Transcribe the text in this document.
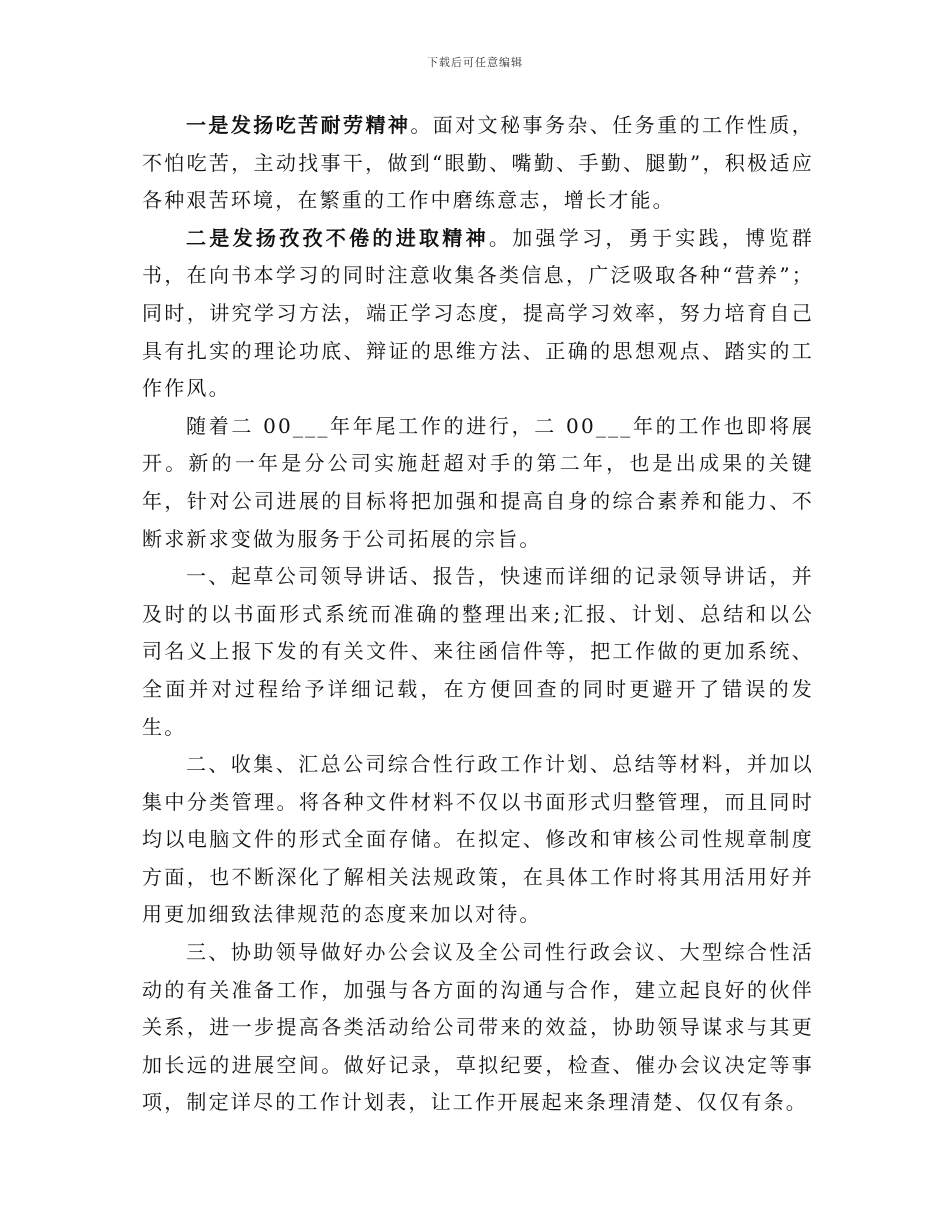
下载后可任意编辑

一是发扬吃苦耐劳精神。面对文秘事务杂、任务重的工作性质，不怕吃苦，主动找事干，做到“眼勤、嘴勤、手勤、腿勤”，积极适应各种艰苦环境，在繁重的工作中磨练意志，增长才能。

二是发扬孜孜不倦的进取精神。加强学习，勇于实践，博览群书，在向书本学习的同时注意收集各类信息，广泛吸取各种“营养”；同时，讲究学习方法，端正学习态度，提高学习效率，努力培育自己具有扎实的理论功底、辩证的思维方法、正确的思想观点、踏实的工作作风。

随着二 00___年年尾工作的进行，二 00___年的工作也即将展开。新的一年是分公司实施赶超对手的第二年，也是出成果的关键年，针对公司进展的目标将把加强和提高自身的综合素养和能力、不断求新求变做为服务于公司拓展的宗旨。

一、起草公司领导讲话、报告，快速而详细的记录领导讲话，并及时的以书面形式系统而准确的整理出来;汇报、计划、总结和以公司名义上报下发的有关文件、来往函信件等，把工作做的更加系统、全面并对过程给予详细记载，在方便回查的同时更避开了错误的发生。

二、收集、汇总公司综合性行政工作计划、总结等材料，并加以集中分类管理。将各种文件材料不仅以书面形式归整管理，而且同时均以电脑文件的形式全面存储。在拟定、修改和审核公司性规章制度方面，也不断深化了解相关法规政策，在具体工作时将其用活用好并用更加细致法律规范的态度来加以对待。

三、协助领导做好办公会议及全公司性行政会议、大型综合性活动的有关准备工作，加强与各方面的沟通与合作，建立起良好的伙伴关系，进一步提高各类活动给公司带来的效益，协助领导谋求与其更加长远的进展空间。做好记录，草拟纪要，检查、催办会议决定等事项，制定详尽的工作计划表，让工作开展起来条理清楚、仅仅有条。
